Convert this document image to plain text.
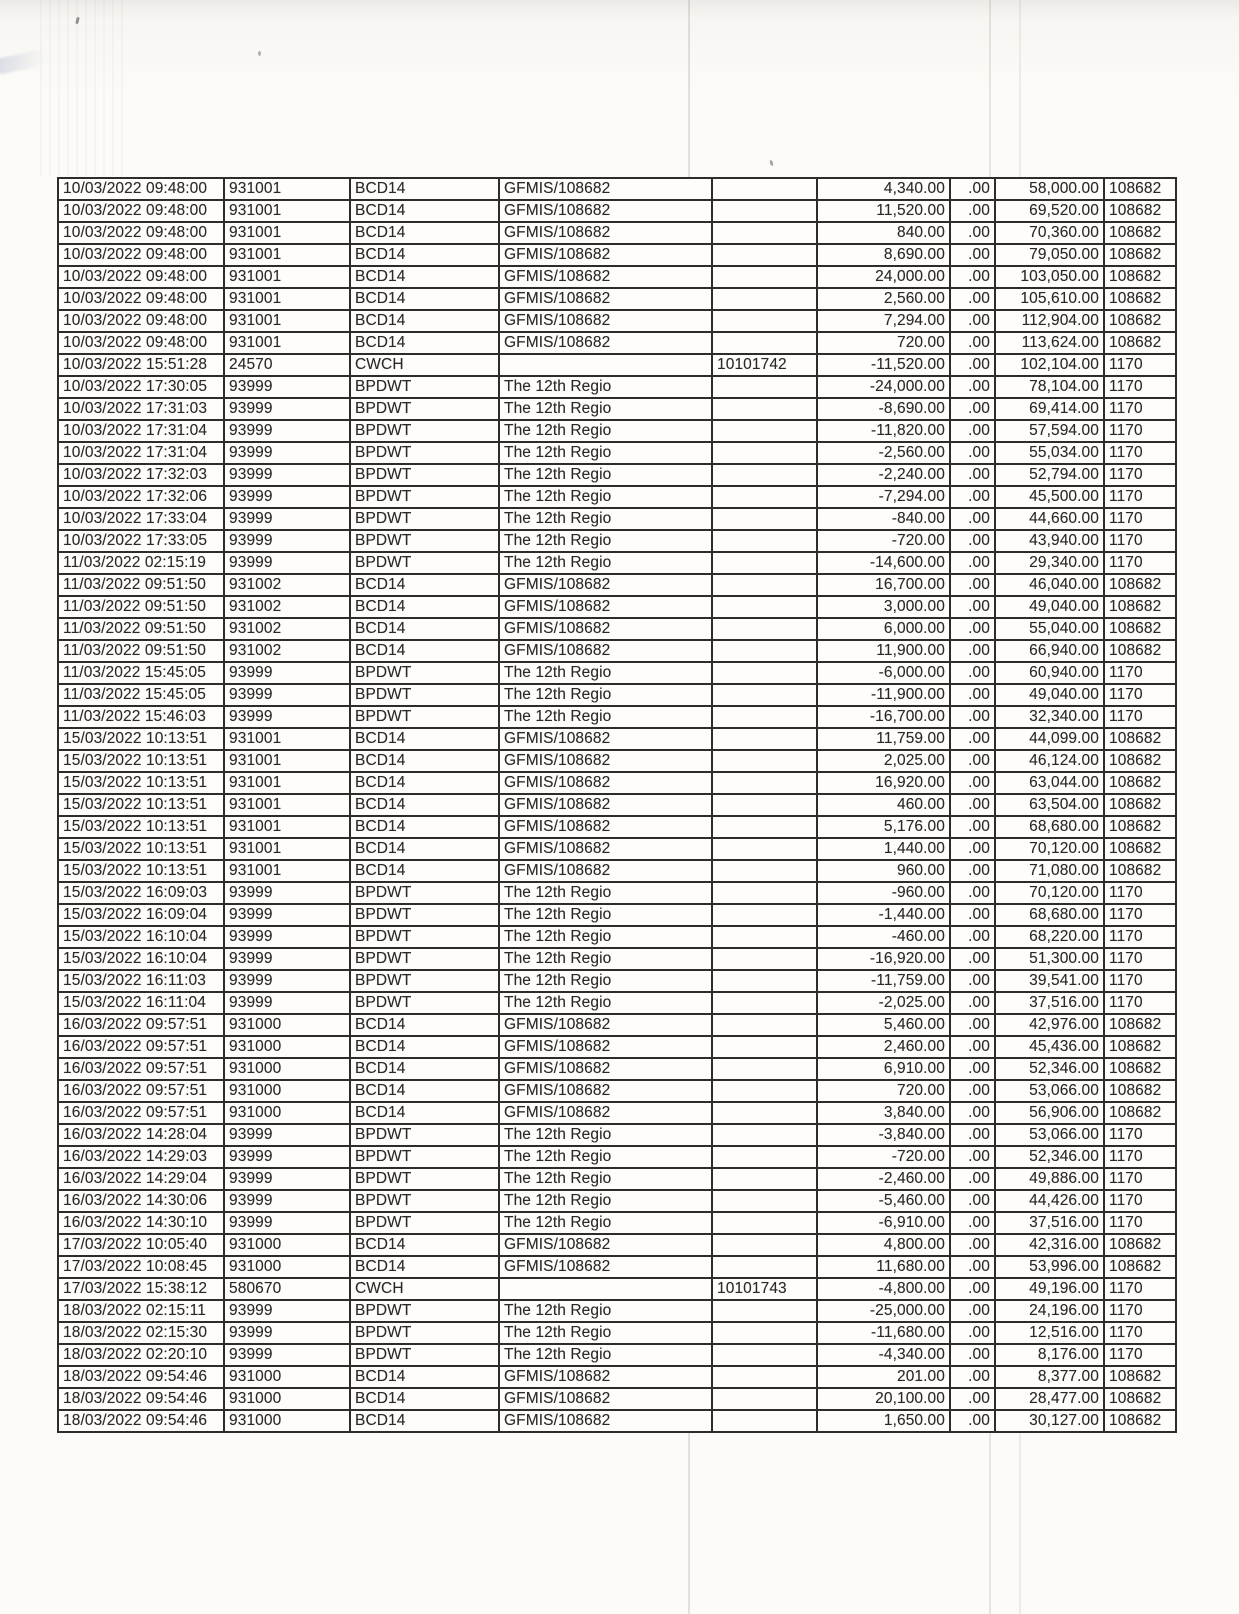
10/03/2022 09:48:00	931001	BCD14	GFMIS/108682		4,340.00	.00	58,000.00	108682
10/03/2022 09:48:00	931001	BCD14	GFMIS/108682		11,520.00	.00	69,520.00	108682
10/03/2022 09:48:00	931001	BCD14	GFMIS/108682		840.00	.00	70,360.00	108682
10/03/2022 09:48:00	931001	BCD14	GFMIS/108682		8,690.00	.00	79,050.00	108682
10/03/2022 09:48:00	931001	BCD14	GFMIS/108682		24,000.00	.00	103,050.00	108682
10/03/2022 09:48:00	931001	BCD14	GFMIS/108682		2,560.00	.00	105,610.00	108682
10/03/2022 09:48:00	931001	BCD14	GFMIS/108682		7,294.00	.00	112,904.00	108682
10/03/2022 09:48:00	931001	BCD14	GFMIS/108682		720.00	.00	113,624.00	108682
10/03/2022 15:51:28	24570	CWCH		10101742	-11,520.00	.00	102,104.00	1170
10/03/2022 17:30:05	93999	BPDWT	The 12th Regio		-24,000.00	.00	78,104.00	1170
10/03/2022 17:31:03	93999	BPDWT	The 12th Regio		-8,690.00	.00	69,414.00	1170
10/03/2022 17:31:04	93999	BPDWT	The 12th Regio		-11,820.00	.00	57,594.00	1170
10/03/2022 17:31:04	93999	BPDWT	The 12th Regio		-2,560.00	.00	55,034.00	1170
10/03/2022 17:32:03	93999	BPDWT	The 12th Regio		-2,240.00	.00	52,794.00	1170
10/03/2022 17:32:06	93999	BPDWT	The 12th Regio		-7,294.00	.00	45,500.00	1170
10/03/2022 17:33:04	93999	BPDWT	The 12th Regio		-840.00	.00	44,660.00	1170
10/03/2022 17:33:05	93999	BPDWT	The 12th Regio		-720.00	.00	43,940.00	1170
11/03/2022 02:15:19	93999	BPDWT	The 12th Regio		-14,600.00	.00	29,340.00	1170
11/03/2022 09:51:50	931002	BCD14	GFMIS/108682		16,700.00	.00	46,040.00	108682
11/03/2022 09:51:50	931002	BCD14	GFMIS/108682		3,000.00	.00	49,040.00	108682
11/03/2022 09:51:50	931002	BCD14	GFMIS/108682		6,000.00	.00	55,040.00	108682
11/03/2022 09:51:50	931002	BCD14	GFMIS/108682		11,900.00	.00	66,940.00	108682
11/03/2022 15:45:05	93999	BPDWT	The 12th Regio		-6,000.00	.00	60,940.00	1170
11/03/2022 15:45:05	93999	BPDWT	The 12th Regio		-11,900.00	.00	49,040.00	1170
11/03/2022 15:46:03	93999	BPDWT	The 12th Regio		-16,700.00	.00	32,340.00	1170
15/03/2022 10:13:51	931001	BCD14	GFMIS/108682		11,759.00	.00	44,099.00	108682
15/03/2022 10:13:51	931001	BCD14	GFMIS/108682		2,025.00	.00	46,124.00	108682
15/03/2022 10:13:51	931001	BCD14	GFMIS/108682		16,920.00	.00	63,044.00	108682
15/03/2022 10:13:51	931001	BCD14	GFMIS/108682		460.00	.00	63,504.00	108682
15/03/2022 10:13:51	931001	BCD14	GFMIS/108682		5,176.00	.00	68,680.00	108682
15/03/2022 10:13:51	931001	BCD14	GFMIS/108682		1,440.00	.00	70,120.00	108682
15/03/2022 10:13:51	931001	BCD14	GFMIS/108682		960.00	.00	71,080.00	108682
15/03/2022 16:09:03	93999	BPDWT	The 12th Regio		-960.00	.00	70,120.00	1170
15/03/2022 16:09:04	93999	BPDWT	The 12th Regio		-1,440.00	.00	68,680.00	1170
15/03/2022 16:10:04	93999	BPDWT	The 12th Regio		-460.00	.00	68,220.00	1170
15/03/2022 16:10:04	93999	BPDWT	The 12th Regio		-16,920.00	.00	51,300.00	1170
15/03/2022 16:11:03	93999	BPDWT	The 12th Regio		-11,759.00	.00	39,541.00	1170
15/03/2022 16:11:04	93999	BPDWT	The 12th Regio		-2,025.00	.00	37,516.00	1170
16/03/2022 09:57:51	931000	BCD14	GFMIS/108682		5,460.00	.00	42,976.00	108682
16/03/2022 09:57:51	931000	BCD14	GFMIS/108682		2,460.00	.00	45,436.00	108682
16/03/2022 09:57:51	931000	BCD14	GFMIS/108682		6,910.00	.00	52,346.00	108682
16/03/2022 09:57:51	931000	BCD14	GFMIS/108682		720.00	.00	53,066.00	108682
16/03/2022 09:57:51	931000	BCD14	GFMIS/108682		3,840.00	.00	56,906.00	108682
16/03/2022 14:28:04	93999	BPDWT	The 12th Regio		-3,840.00	.00	53,066.00	1170
16/03/2022 14:29:03	93999	BPDWT	The 12th Regio		-720.00	.00	52,346.00	1170
16/03/2022 14:29:04	93999	BPDWT	The 12th Regio		-2,460.00	.00	49,886.00	1170
16/03/2022 14:30:06	93999	BPDWT	The 12th Regio		-5,460.00	.00	44,426.00	1170
16/03/2022 14:30:10	93999	BPDWT	The 12th Regio		-6,910.00	.00	37,516.00	1170
17/03/2022 10:05:40	931000	BCD14	GFMIS/108682		4,800.00	.00	42,316.00	108682
17/03/2022 10:08:45	931000	BCD14	GFMIS/108682		11,680.00	.00	53,996.00	108682
17/03/2022 15:38:12	580670	CWCH		10101743	-4,800.00	.00	49,196.00	1170
18/03/2022 02:15:11	93999	BPDWT	The 12th Regio		-25,000.00	.00	24,196.00	1170
18/03/2022 02:15:30	93999	BPDWT	The 12th Regio		-11,680.00	.00	12,516.00	1170
18/03/2022 02:20:10	93999	BPDWT	The 12th Regio		-4,340.00	.00	8,176.00	1170
18/03/2022 09:54:46	931000	BCD14	GFMIS/108682		201.00	.00	8,377.00	108682
18/03/2022 09:54:46	931000	BCD14	GFMIS/108682		20,100.00	.00	28,477.00	108682
18/03/2022 09:54:46	931000	BCD14	GFMIS/108682		1,650.00	.00	30,127.00	108682
